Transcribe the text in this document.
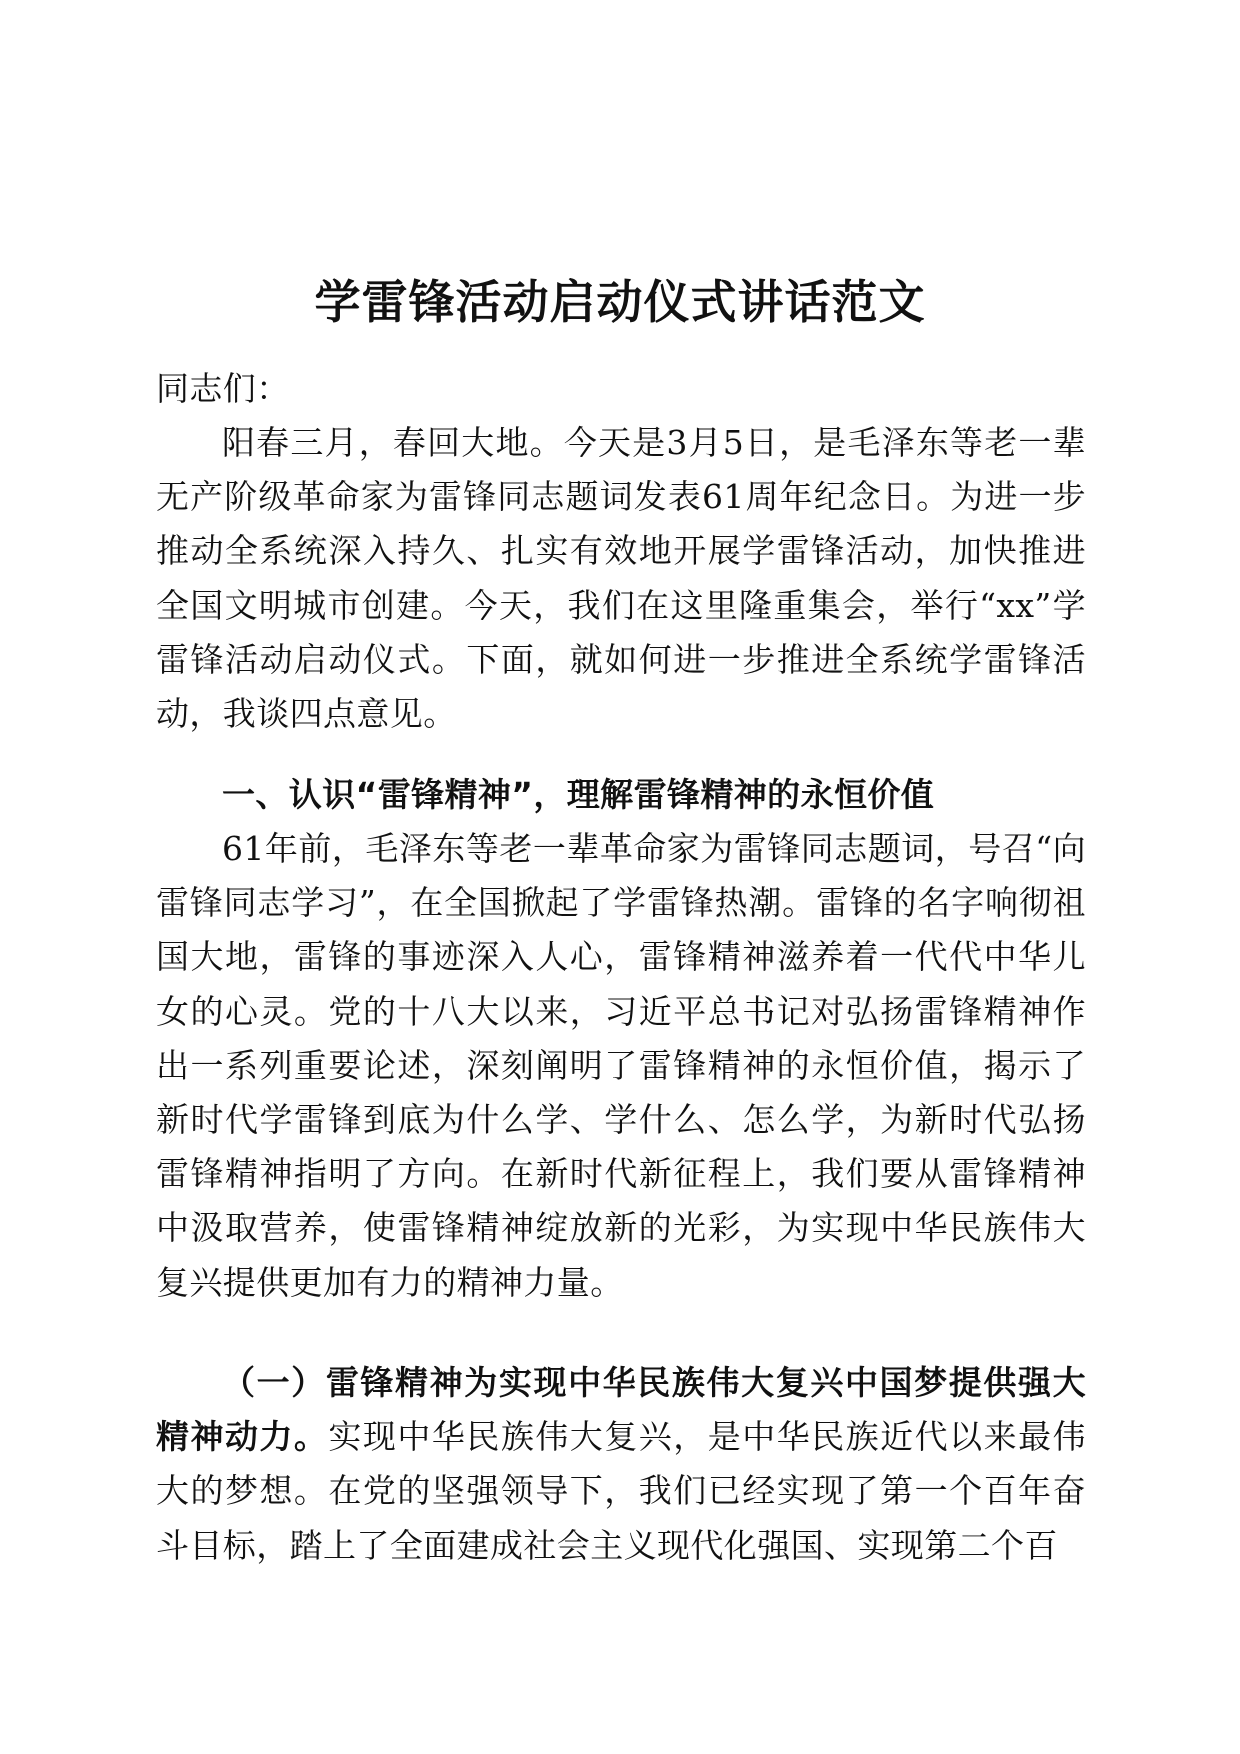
学雷锋活动启动仪式讲话范文

同志们：

阳春三月，春回大地。今天是3月5日，是毛泽东等老一辈无产阶级革命家为雷锋同志题词发表61周年纪念日。为进一步推动全系统深入持久、扎实有效地开展学雷锋活动，加快推进全国文明城市创建。今天，我们在这里隆重集会，举行“xx”学雷锋活动启动仪式。下面，就如何进一步推进全系统学雷锋活动，我谈四点意见。

一、认识“雷锋精神”，理解雷锋精神的永恒价值

61年前，毛泽东等老一辈革命家为雷锋同志题词，号召“向雷锋同志学习”，在全国掀起了学雷锋热潮。雷锋的名字响彻祖国大地，雷锋的事迹深入人心，雷锋精神滋养着一代代中华儿女的心灵。党的十八大以来，习近平总书记对弘扬雷锋精神作出一系列重要论述，深刻阐明了雷锋精神的永恒价值，揭示了新时代学雷锋到底为什么学、学什么、怎么学，为新时代弘扬雷锋精神指明了方向。在新时代新征程上，我们要从雷锋精神中汲取营养，使雷锋精神绽放新的光彩，为实现中华民族伟大复兴提供更加有力的精神力量。

（一）雷锋精神为实现中华民族伟大复兴中国梦提供强大精神动力。实现中华民族伟大复兴，是中华民族近代以来最伟大的梦想。在党的坚强领导下，我们已经实现了第一个百年奋斗目标，踏上了全面建成社会主义现代化强国、实现第二个百
